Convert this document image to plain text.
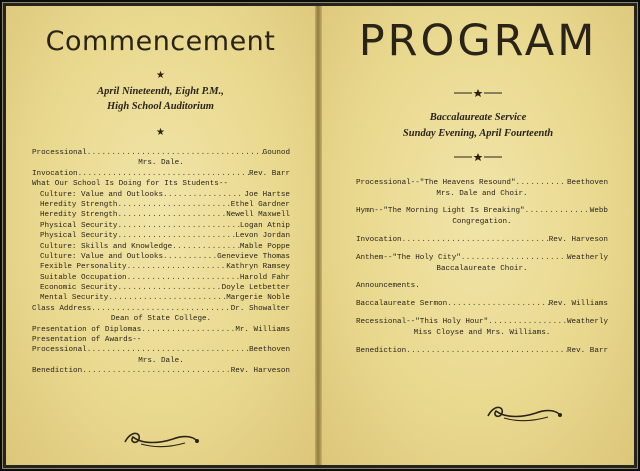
Commencement
★
April Nineteenth, Eight P.M.,
High School Auditorium
★
Processional .....	Gounod
Mrs. Dale.
Invocation .....	Rev. Barr
What Our School Is Doing for Its Students--
Culture: Value and Outlooks .....	Joe Hartse
Heredity Strength .....	Ethel Gardner
Heredity Strength .....	Newell Maxwell
Physical Security .....	Logan Atnip
Physical Security .....	Levon Jordan
Culture: Skills and Knowledge .....	Mable Poppe
Culture: Value and Outlooks .....	Genevieve Thomas
Fexible Personality .....	Kathryn Ramsey
Suitable Occupation .....	Harold Fahr
Economic Security .....	Doyle Letbetter
Mental Security .....	Margerie Noble
Class Address .....	Dr. Showalter
Dean of State College.
Presentation of Diplomas .....	Mr. Williams
Presentation of Awards--
Processional .....	Beethoven
Mrs. Dale.
Benediction .....	Rev. Harveson
PROGRAM
Baccalaureate Service
Sunday Evening, April Fourteenth
Processional--"The Heavens Resound" .....	Beethoven
Mrs. Dale and Choir.
Hymn--"The Morning Light Is Breaking" .....	Webb
Congregation.
Invocation .....	Rev. Harveson
Anthem--"The Holy City" .....	Weatherly
Baccalaureate Choir.
Announcements.
Baccalaureate Sermon .....	Rev. Williams
Recessional--"This Holy Hour" .....	Weatherly
Miss Cloyse and Mrs. Williams.
Benediction .....	Rev. Barr
